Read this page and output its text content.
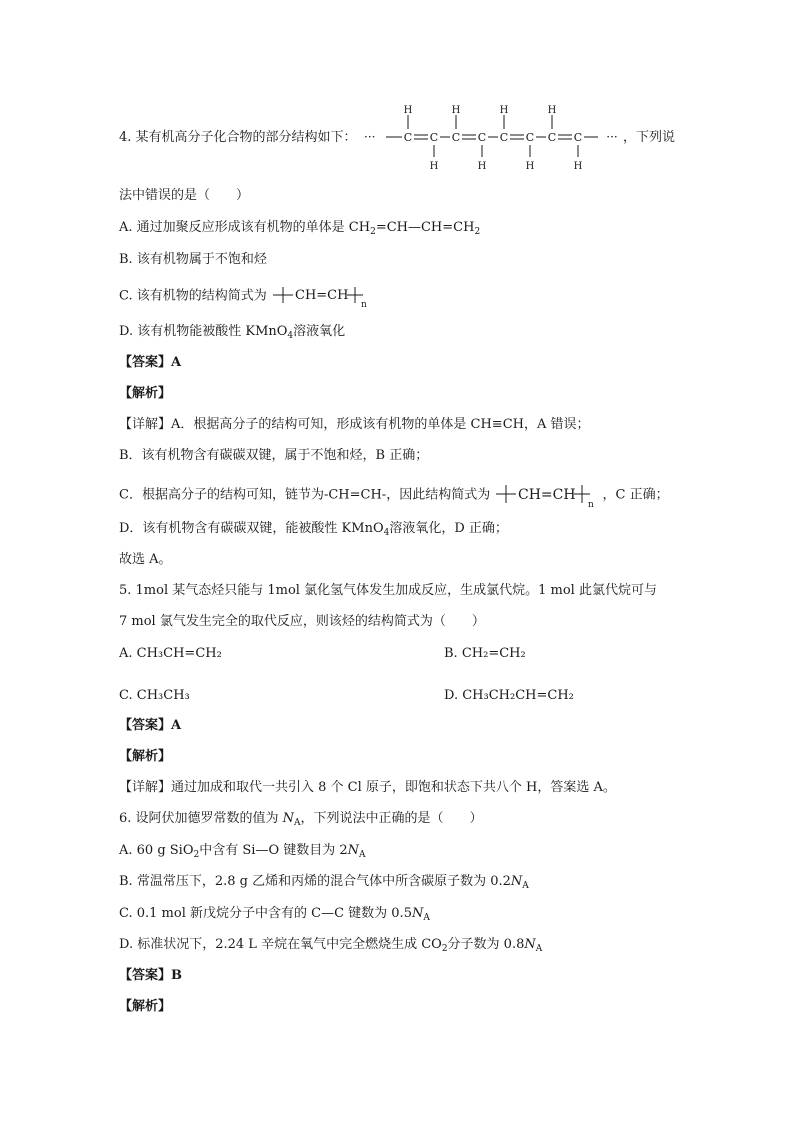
4. 某有机高分子化合物的部分结构如下： ···	C C C C C C C C
H
H
H
H
H
H
H
H
··· ，下列说
法中错误的是（　　）
A. 通过加聚反应形成该有机物的单体是 $CH_2=CH—CH=CH_2$
B. 该有机物属于不饱和烃
C. 该有机物的结构简式为 CH=CH
n
D. 该有机物能被酸性 KMnO$_4$溶液氧化
【答案】A
【解析】
【详解】A．根据高分子的结构可知，形成该有机物的单体是 CH≡CH，A 错误；
B．该有机物含有碳碳双键，属于不饱和烃，B 正确；
C．根据高分子的结构可知，链节为-CH=CH-，因此结构简式为 CH=CH
n
，C 正确；
D．该有机物含有碳碳双键，能被酸性 KMnO$_4$溶液氧化，D 正确；
故选 A。
5. 1mol 某气态烃只能与 1mol 氯化氢气体发生加成反应，生成氯代烷。1 mol 此氯代烷可与
7 mol 氯气发生完全的取代反应，则该烃的结构简式为（　　）
A. CH₃CH=CH₂	B. CH₂=CH₂
C. CH₃CH₃	D. CH₃CH₂CH=CH₂
【答案】A
【解析】
【详解】通过加成和取代一共引入 8 个 Cl 原子，即饱和状态下共八个 H，答案选 A。
6. 设阿伏加德罗常数的值为 $N_A$，下列说法中正确的是（　　）
A. 60 g SiO$_2$中含有 Si—O 键数目为 $2N_A$
B. 常温常压下，2.8 g 乙烯和丙烯的混合气体中所含碳原子数为 $0.2N_A$
C. 0.1 mol 新戊烷分子中含有的 C—C 键数为 $0.5N_A$
D. 标准状况下，2.24 L 辛烷在氧气中完全燃烧生成 $CO_2$分子数为 $0.8N_A$
【答案】B
【解析】
